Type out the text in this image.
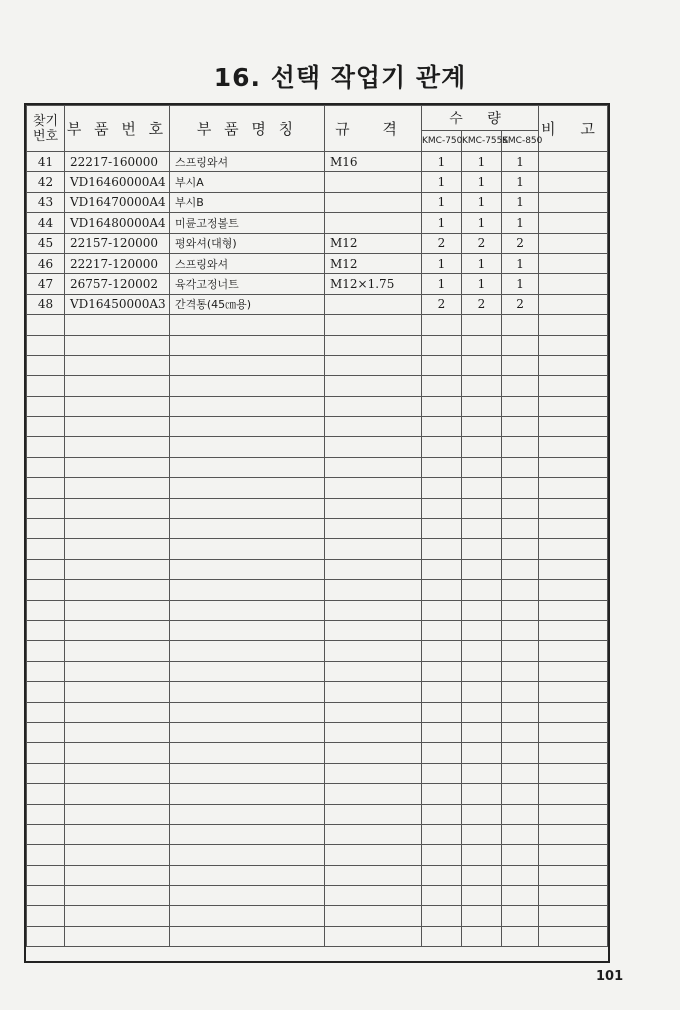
16. 선택 작업기 관계
찾기 번호	부 품 번 호	부 품 명 칭	규 격	수 량			비 고
				KMC-750	KMC-755S	KMC-850	
41	22217-160000	스프링와셔	M16	1	1	1	
42	VD16460000A4	부시A		1	1	1	
43	VD16470000A4	부시B		1	1	1	
44	VD16480000A4	미륜고정볼트		1	1	1	
45	22157-120000	평와셔(대형)	M12	2	2	2	
46	22217-120000	스프링와셔	M12	1	1	1	
47	26757-120002	육각고정너트	M12×1.75	1	1	1	
48	VD16450000A3	간격통(45㎝용)		2	2	2	

101
